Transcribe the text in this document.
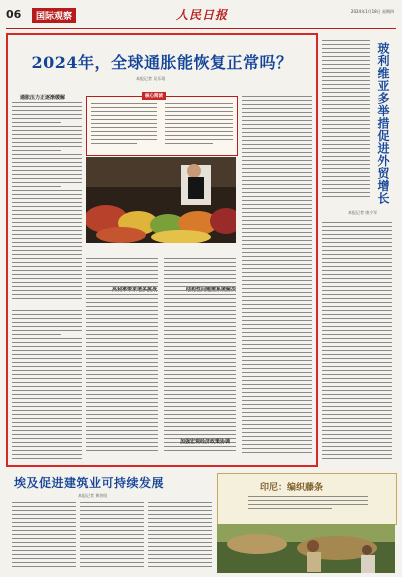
06	国际观察	人民日报	2024年1月18日 星期四
2024年，全球通胀能恢复正常吗？
本报记者 吴乐珺
通胀压力正逐渐缓解	核心阅读
加强宏观经济政策协调
玻利维亚多举措促进外贸增长
本报记者 康少军
埃及促进建筑业可持续发展
本报记者 黄培昭
印尼：编织藤条
